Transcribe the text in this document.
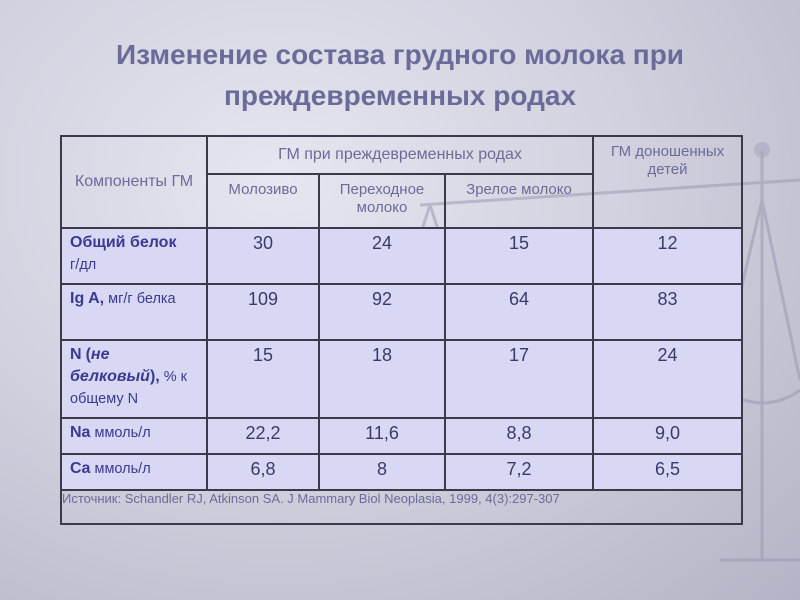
Изменение состава грудного молока при преждевременных родах
Компоненты ГМ	ГМ при преждевременных родах			ГМ доношенных детей
	Молозиво	Переходное молоко	Зрелое молоко	
Общий белок
г/дл	30	24	15	12
Ig A, мг/г белка	109	92	64	83
N (не белковый), % к общему N	15	18	17	24
Na ммоль/л	22,2	11,6	8,8	9,0
Ca ммоль/л	6,8	8	7,2	6,5
Источник: Schandler RJ, Atkinson SA. J Mammary Biol Neoplasia, 1999, 4(3):297-307				
